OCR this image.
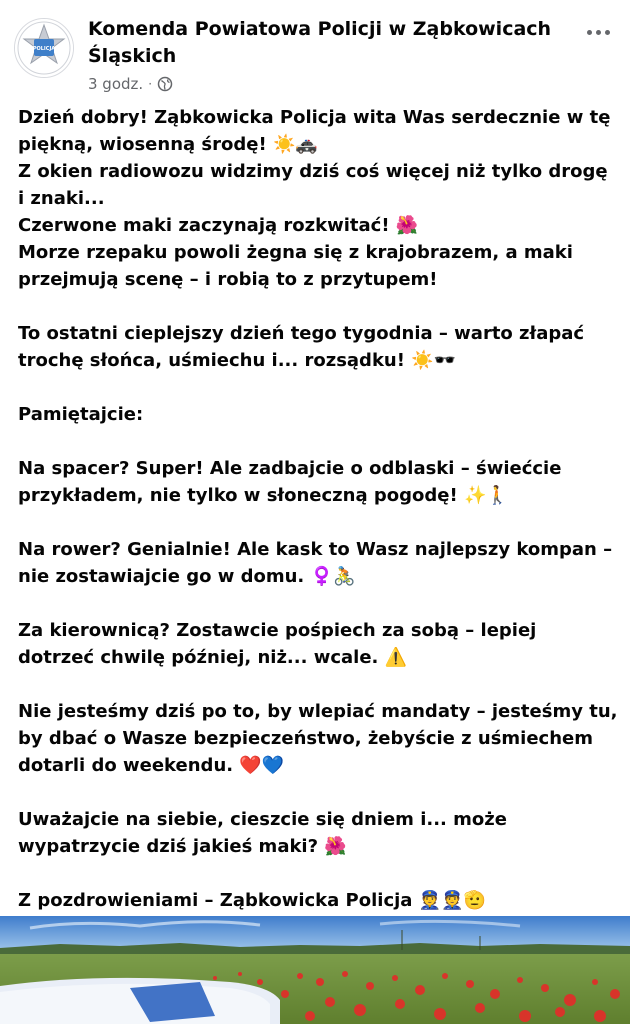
POLICJA
Komenda Powiatowa Policji w Ząbkowicach Śląskich
3 godz. ·

Dzień dobry! Ząbkowicka Policja wita Was serdecznie w tę piękną, wiosenną środę! ☀️🚓
Z okien radiowozu widzimy dziś coś więcej niż tylko drogę i znaki...
Czerwone maki zaczynają rozkwitać! 🌺
Morze rzepaku powoli żegna się z krajobrazem, a maki przejmują scenę – i robią to z przytupem!

To ostatni cieplejszy dzień tego tygodnia – warto złapać trochę słońca, uśmiechu i... rozsądku! ☀️🕶️

Pamiętajcie:

Na spacer? Super! Ale zadbajcie o odblaski – świećcie przykładem, nie tylko w słoneczną pogodę! ✨🚶

Na rower? Genialnie! Ale kask to Wasz najlepszy kompan – nie zostawiajcie go w domu. ♀️🚴

Za kierownicą? Zostawcie pośpiech za sobą – lepiej dotrzeć chwilę później, niż... wcale. ⚠️

Nie jesteśmy dziś po to, by wlepiać mandaty – jesteśmy tu, by dbać o Wasze bezpieczeństwo, żebyście z uśmiechem dotarli do weekendu. ❤️💙

Uważajcie na siebie, cieszcie się dniem i... może wypatrzycie dziś jakieś maki? 🌺

Z pozdrowieniami – Ząbkowicka Policja 👮👮🫡
